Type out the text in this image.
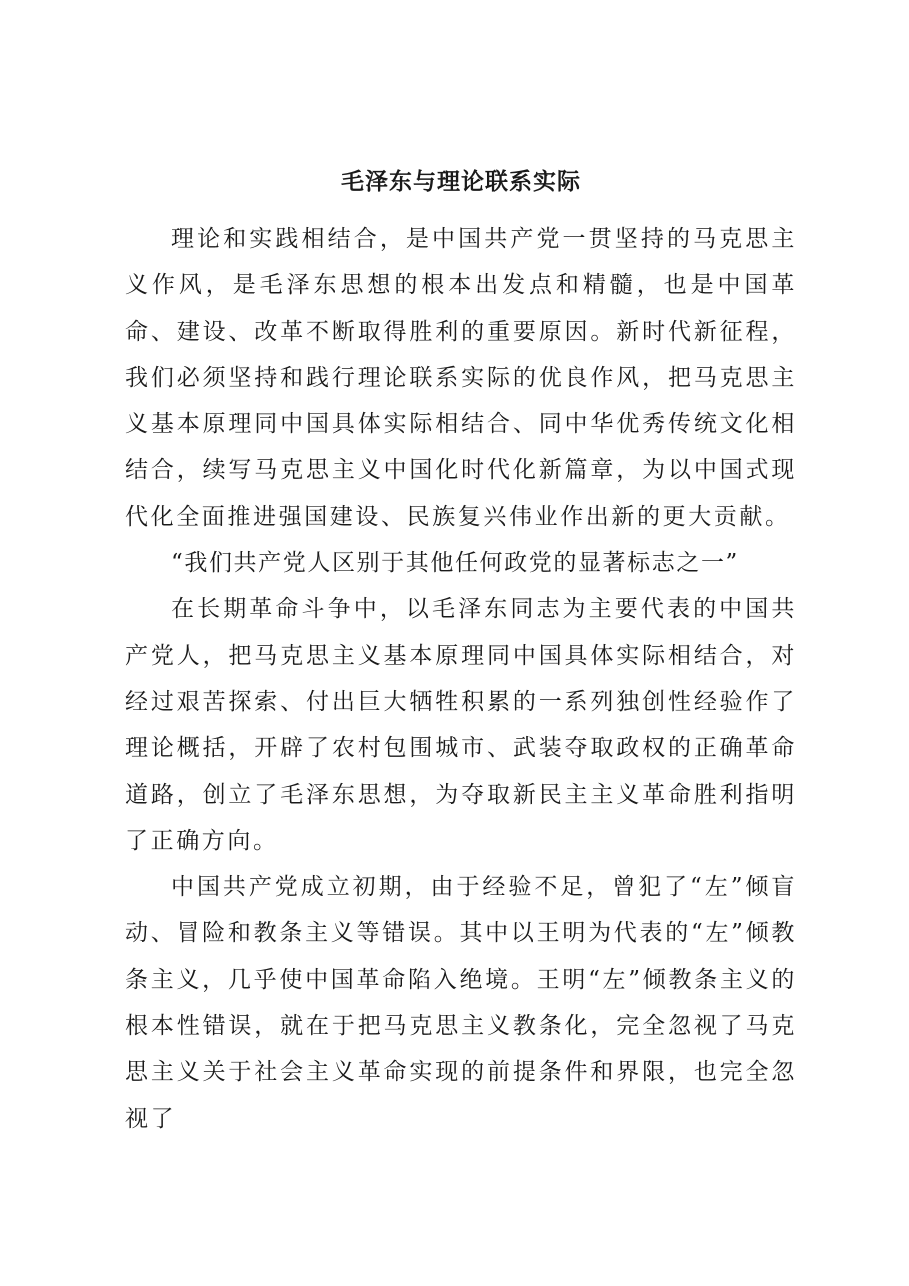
毛泽东与理论联系实际

理论和实践相结合，是中国共产党一贯坚持的马克思主义作风，是毛泽东思想的根本出发点和精髓，也是中国革命、建设、改革不断取得胜利的重要原因。新时代新征程，我们必须坚持和践行理论联系实际的优良作风，把马克思主义基本原理同中国具体实际相结合、同中华优秀传统文化相结合，续写马克思主义中国化时代化新篇章，为以中国式现代化全面推进强国建设、民族复兴伟业作出新的更大贡献。

“我们共产党人区别于其他任何政党的显著标志之一”

在长期革命斗争中，以毛泽东同志为主要代表的中国共产党人，把马克思主义基本原理同中国具体实际相结合，对经过艰苦探索、付出巨大牺牲积累的一系列独创性经验作了理论概括，开辟了农村包围城市、武装夺取政权的正确革命道路，创立了毛泽东思想，为夺取新民主主义革命胜利指明了正确方向。

中国共产党成立初期，由于经验不足，曾犯了“左”倾盲动、冒险和教条主义等错误。其中以王明为代表的“左”倾教条主义，几乎使中国革命陷入绝境。王明“左”倾教条主义的根本性错误，就在于把马克思主义教条化，完全忽视了马克思主义关于社会主义革命实现的前提条件和界限，也完全忽视了
